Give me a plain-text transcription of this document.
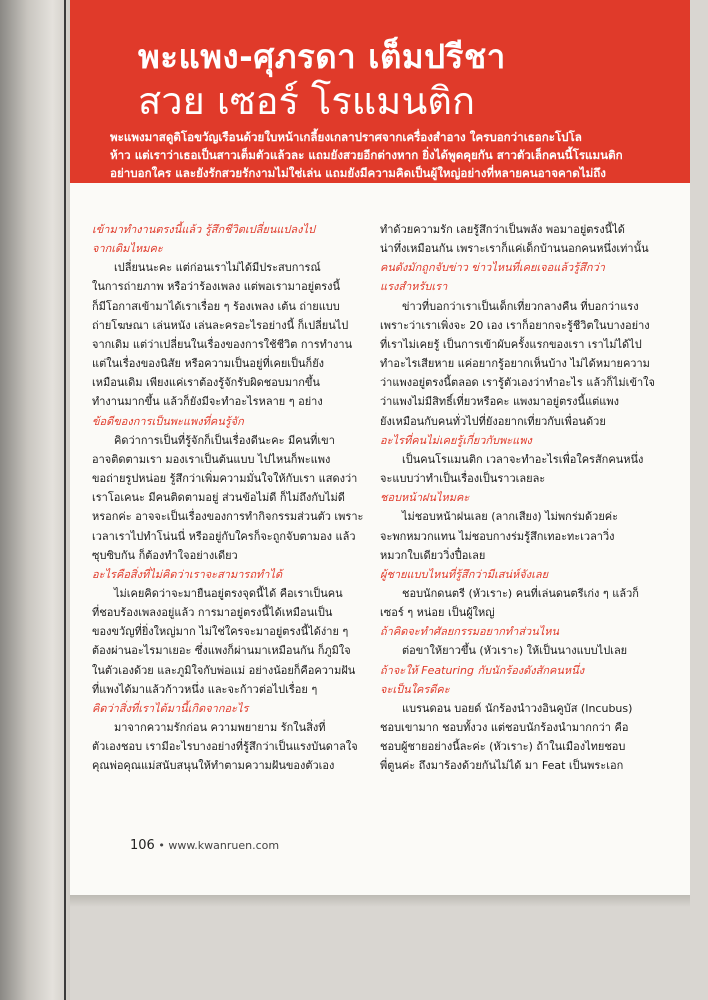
พะแพง-ศุภรดา เต็มปรีชา
สวย เซอร์ โรแมนติก

พะแพงมาสดูดิโอขวัญเรือนด้วยใบหน้าเกลี้ยงเกลาปราศจากเครื่องสำอาง ใครบอกว่าเธอกะโปโล

ห้าว แต่เราว่าเธอเป็นสาวเต็มตัวแล้วละ แถมยังสวยอีกต่างหาก ยิ่งได้พูดคุยกัน สาวตัวเล็กคนนี้โรแมนติก

อย่าบอกใคร และยังรักสวยรักงามไม่ใช่เล่น แถมยังมีความคิดเป็นผู้ใหญ่อย่างที่หลายคนอาจคาดไม่ถึง

เข้ามาทำงานตรงนี้แล้ว รู้สึกชีวิตเปลี่ยนแปลงไป

จากเดิมไหมคะ

เปลี่ยนนะคะ แต่ก่อนเราไม่ได้มีประสบการณ์

ในการถ่ายภาพ หรือว่าร้องเพลง แต่พอเรามาอยู่ตรงนี้

ก็มีโอกาสเข้ามาได้เราเรื่อย ๆ ร้องเพลง เต้น ถ่ายแบบ

ถ่ายโฆษณา เล่นหนัง เล่นละครอะไรอย่างนี้ ก็เปลี่ยนไป

จากเดิม แต่ว่าเปลี่ยนในเรื่องของการใช้ชีวิต การทำงาน

แต่ในเรื่องของนิสัย หรือความเป็นอยู่ที่เคยเป็นก็ยัง

เหมือนเดิม เพียงแค่เราต้องรู้จักรับผิดชอบมากขึ้น

ทำงานมากขึ้น แล้วก็ยังมีจะทำอะไรหลาย ๆ อย่าง

ข้อดีของการเป็นพะแพงที่คนรู้จัก

คิดว่าการเป็นที่รู้จักก็เป็นเรื่องดีนะคะ มีคนที่เขา

อาจติดตามเรา มองเราเป็นต้นแบบ ไปไหนก็พะแพง

ขอถ่ายรูปหน่อย รู้สึกว่าเพิ่มความมั่นใจให้กับเรา แสดงว่า

เราโอเคนะ มีคนติดตามอยู่ ส่วนข้อไม่ดี ก็ไม่ถึงกับไม่ดี

หรอกค่ะ อาจจะเป็นเรื่องของการทำกิจกรรมส่วนตัว เพราะ

เวลาเราไปทำโน่นนี่ หรืออยู่กับใครก็จะถูกจับตามอง แล้ว

ซุบซิบกัน ก็ต้องทำใจอย่างเดียว

อะไรคือสิ่งที่ไม่คิดว่าเราจะสามารถทำได้

ไม่เคยคิดว่าจะมายืนอยู่ตรงจุดนี้ได้ คือเราเป็นคน

ที่ชอบร้องเพลงอยู่แล้ว การมาอยู่ตรงนี้ได้เหมือนเป็น

ของขวัญที่ยิ่งใหญ่มาก ไม่ใช่ใครจะมาอยู่ตรงนี้ได้ง่าย ๆ

ต้องผ่านอะไรมาเยอะ ซึ่งแพงก็ผ่านมาเหมือนกัน ก็ภูมิใจ

ในตัวเองด้วย และภูมิใจกับพ่อแม่ อย่างน้อยก็คือความฝัน

ที่แพงได้มาแล้วก้าวหนึ่ง และจะก้าวต่อไปเรื่อย ๆ

คิดว่าสิ่งที่เราได้มานี้เกิดจากอะไร

มาจากความรักก่อน ความพยายาม รักในสิ่งที่

ตัวเองชอบ เรามีอะไรบางอย่างที่รู้สึกว่าเป็นแรงบันดาลใจ

คุณพ่อคุณแม่สนับสนุนให้ทำตามความฝันของตัวเอง

ทำด้วยความรัก เลยรู้สึกว่าเป็นพลัง พอมาอยู่ตรงนี้ได้

น่าทึ่งเหมือนกัน เพราะเราก็แค่เด็กบ้านนอกคนหนึ่งเท่านั้น

คนดังมักถูกจับข่าว ข่าวไหนที่เคยเจอแล้วรู้สึกว่า

แรงสำหรับเรา

ข่าวที่บอกว่าเราเป็นเด็กเที่ยวกลางคืน ที่บอกว่าแรง

เพราะว่าเราเพิ่งจะ 20 เอง เราก็อยากจะรู้ชีวิตในบางอย่าง

ที่เราไม่เคยรู้ เป็นการเข้าผับครั้งแรกของเรา เราไม่ได้ไป

ทำอะไรเสียหาย แค่อยากรู้อยากเห็นบ้าง ไม่ได้หมายความ

ว่าแพงอยู่ตรงนี้ตลอด เรารู้ตัวเองว่าทำอะไร แล้วก็ไม่เข้าใจ

ว่าแพงไม่มีสิทธิ์เที่ยวหรือคะ แพงมาอยู่ตรงนี้แต่แพง

ยังเหมือนกับคนทั่วไปที่ยังอยากเที่ยวกับเพื่อนด้วย

อะไรที่คนไม่เคยรู้เกี่ยวกับพะแพง

เป็นคนโรแมนติก เวลาจะทำอะไรเพื่อใครสักคนหนึ่ง

จะแบบว่าทำเป็นเรื่องเป็นราวเลยละ

ชอบหน้าฝนไหมคะ

ไม่ชอบหน้าฝนเลย (ลากเสียง) ไม่พกร่มด้วยค่ะ

จะพกหมวกแทน ไม่ชอบกางร่มรู้สึกเทอะทะเวลาวิ่ง

หมวกใบเดียววิ่งปื๋อเลย

ผู้ชายแบบไหนที่รู้สึกว่ามีเสน่ห์จังเลย

ชอบนักดนตรี (หัวเราะ) คนที่เล่นดนตรีเก่ง ๆ แล้วก็

เซอร์ ๆ หน่อย เป็นผู้ใหญ่

ถ้าคิดจะทำศัลยกรรมอยากทำส่วนไหน

ต่อขาให้ยาวขึ้น (หัวเราะ) ให้เป็นนางแบบไปเลย

ถ้าจะให้ Featuring กับนักร้องดังสักคนหนึ่ง

จะเป็นใครดีคะ

แบรนดอน บอยด์ นักร้องนำวงอินคูบัส (Incubus)

ชอบเขามาก ชอบทั้งวง แต่ชอบนักร้องนำมากกว่า คือ

ชอบผู้ชายอย่างนี้ละค่ะ (หัวเราะ) ถ้าในเมืองไทยชอบ

พี่ตูนค่ะ ถึงมาร้องด้วยกันไม่ได้ มา Feat เป็นพระเอก

106 • www.kwanruen.com
